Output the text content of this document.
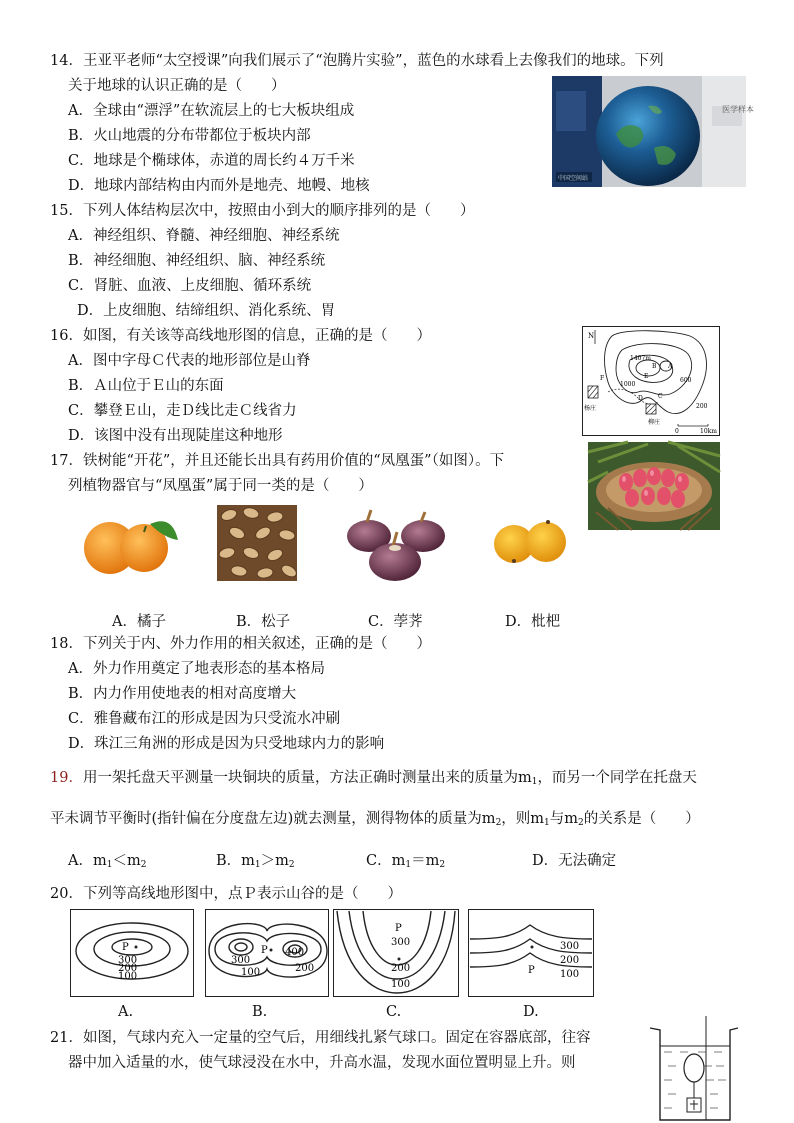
14．王亚平老师“太空授课”向我们展示了“泡腾片实验”，蓝色的水球看上去像我们的地球。下列
关于地球的认识正确的是（　　）
A．全球由“漂浮”在软流层上的七大板块组成
B．火山地震的分布带都位于板块内部
C．地球是个椭球体，赤道的周长约４万千米
D．地球内部结构由内而外是地壳、地幔、地核
医学样本
中国空间站
15．下列人体结构层次中，按照由小到大的顺序排列的是（　　）
A．神经组织、脊髓、神经细胞、神经系统
B．神经细胞、神经组织、脑、神经系统
C．肾脏、血液、上皮细胞、循环系统
D．上皮细胞、结缔组织、消化系统、胃
16．如图，有关该等高线地形图的信息，正确的是（　　）
A．图中字母Ｃ代表的地形部位是山脊
B．Ａ山位于Ｅ山的东面
C．攀登Ｅ山，走Ｄ线比走Ｃ线省力
D．该图中没有出现陡崖这种地形
N
1407m
1000
600
200
A
B
C
D
E
F
杨庄
柳庄
0	10km
17．铁树能“开花”，并且还能长出具有药用价值的“凤凰蛋”（如图）。下
列植物器官与“凤凰蛋”属于同一类的是（　　）
A．橘子	B．松子	C．荸荠	D．枇杷
18．下列关于内、外力作用的相关叙述，正确的是（　　）
A．外力作用奠定了地表形态的基本格局
B．内力作用使地表的相对高度增大
C．雅鲁藏布江的形成是因为只受流水冲刷
D．珠江三角洲的形成是因为只受地球内力的影响
19．用一架托盘天平测量一块铜块的质量，方法正确时测量出来的质量为$m_1$，而另一个同学在托盘天
平未调节平衡时(指针偏在分度盘左边)就去测量，测得物体的质量为$m_2$，则$m_1$与$m_2$的关系是（　　）
A．$m_1<m_2$	B．$m_1>m_2$	C．$m_1=m_2$	D．无法确定
20．下列等高线地形图中，点Ｐ表示山谷的是（　　）
P
300
200
100
300
P 400
200
100
P
300
200
100
P
300
200
100
A.	B.	C.	D.
21．如图，气球内充入一定量的空气后，用细线扎紧气球口。固定在容器底部，往容
器中加入适量的水，使气球浸没在水中，升高水温，发现水面位置明显上升。则
